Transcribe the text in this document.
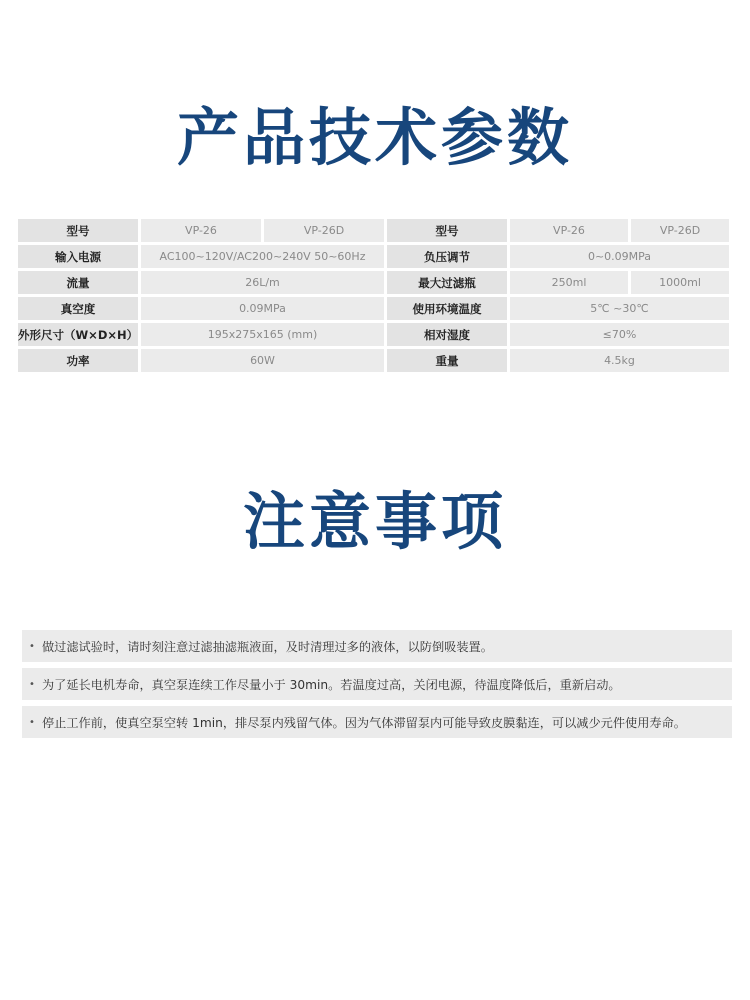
产品技术参数
型号	VP-26	VP-26D	型号	VP-26	VP-26D
输入电源	AC100~120V/AC200~240V 50~60Hz		负压调节	0~0.09MPa	
流量	26L/m		最大过滤瓶	250ml	1000ml
真空度	0.09MPa		使用环境温度	5℃ ~30℃	
外形尺寸（W×D×H）	195x275x165 (mm)		相对湿度	≤70%	
功率	60W		重量	4.5kg	
注意事项
• 做过滤试验时，请时刻注意过滤抽滤瓶液面，及时清理过多的液体，以防倒吸装置。
• 为了延长电机寿命，真空泵连续工作尽量小于 30min。若温度过高，关闭电源，待温度降低后，重新启动。
• 停止工作前，使真空泵空转 1min，排尽泵内残留气体。因为气体滞留泵内可能导致皮膜黏连，可以减少元件使用寿命。
